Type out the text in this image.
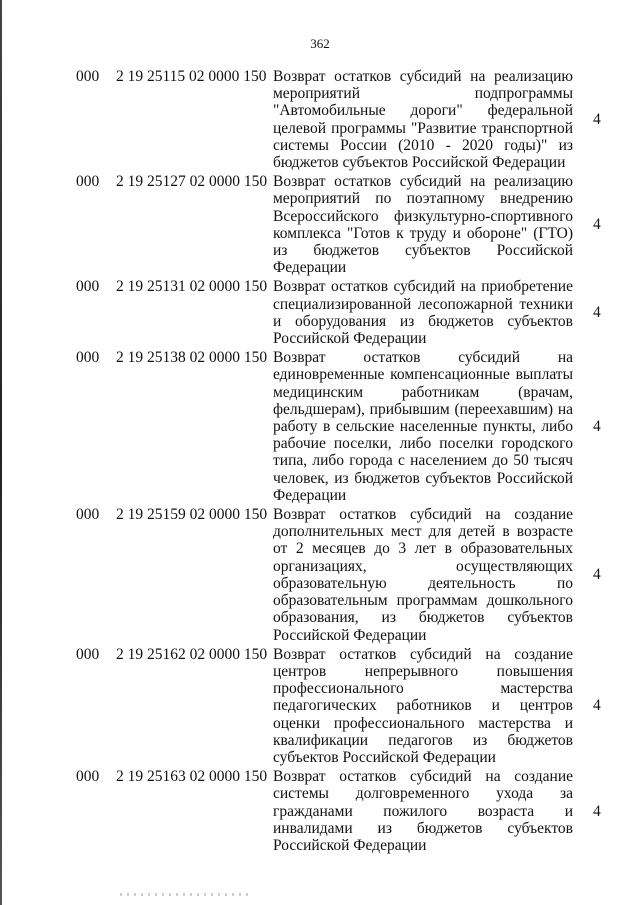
362
000 2 19 25115 02 0000 150 Возврат остатков субсидий на реализацию мероприятий подпрограммы "Автомобильные дороги" федеральной целевой программы "Развитие транспортной системы России (2010 - 2020 годы)" из бюджетов субъектов Российской Федерации
4
000 2 19 25127 02 0000 150 Возврат остатков субсидий на реализацию мероприятий по поэтапному внедрению Всероссийского физкультурно-спортивного комплекса "Готов к труду и обороне" (ГТО) из бюджетов субъектов Российской Федерации
4
000 2 19 25131 02 0000 150 Возврат остатков субсидий на приобретение специализированной лесопожарной техники и оборудования из бюджетов субъектов Российской Федерации
4
000 2 19 25138 02 0000 150 Возврат остатков субсидий на единовременные компенсационные выплаты медицинским работникам (врачам, фельдшерам), прибывшим (переехавшим) на работу в сельские населенные пункты, либо рабочие поселки, либо поселки городского типа, либо города с населением до 50 тысяч человек, из бюджетов субъектов Российской Федерации
4
000 2 19 25159 02 0000 150 Возврат остатков субсидий на создание дополнительных мест для детей в возрасте от 2 месяцев до 3 лет в образовательных организациях, осуществляющих образовательную деятельность по образовательным программам дошкольного образования, из бюджетов субъектов Российской Федерации
4
000 2 19 25162 02 0000 150 Возврат остатков субсидий на создание центров непрерывного повышения профессионального мастерства педагогических работников и центров оценки профессионального мастерства и квалификации педагогов из бюджетов субъектов Российской Федерации
4
000 2 19 25163 02 0000 150 Возврат остатков субсидий на создание системы долговременного ухода за гражданами пожилого возраста и инвалидами из бюджетов субъектов Российской Федерации
4
